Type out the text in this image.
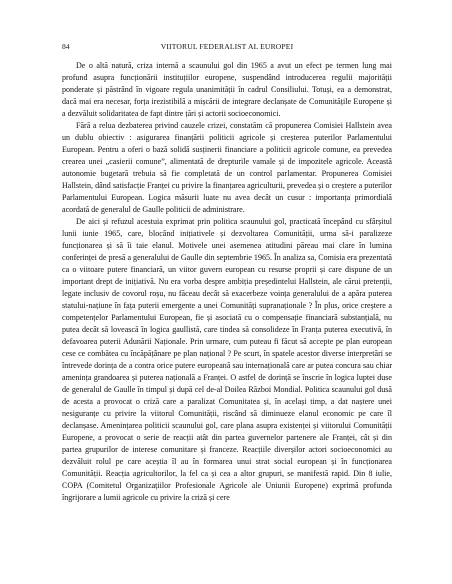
84	VIITORUL FEDERALIST AL EUROPEI

De o altă natură, criza internă a scaunului gol din 1965 a avut un efect pe termen lung mai profund asupra funcționării instituțiilor europene, suspendând introducerea regulii majorității ponderate și păstrând în vigoare regula unanimității în cadrul Consiliului. Totuși, ea a demonstrat, dacă mai era necesar, forța irezistibilă a mișcării de integrare declanșate de Comunitățile Europene și a dezvăluit solidaritatea de fapt dintre țări și actorii socioeconomici.

Fără a relua dezbaterea privind cauzele crizei, constatăm că propunerea Comisiei Hallstein avea un dublu obiectiv : asigurarea finanțării politicii agricole și creșterea puterilor Parlamentului European. Pentru a oferi o bază solidă susținerii financiare a politicii agricole comune, ea prevedea crearea unei „casierii comune”, alimentată de drepturile vamale și de impozitele agricole. Această autonomie bugetară trebuia să fie completată de un control parlamentar. Propunerea Comisiei Hallstein, dând satisfacție Franței cu privire la finanțarea agriculturii, prevedea și o creștere a puterilor Parlamentului European. Logica măsurii luate nu avea decât un cusur : importanța primordială acordată de generalul de Gaulle politicii de administrare.

De aici și refuzul acestuia exprimat prin politica scaunului gol, practicată începând cu sfârșitul lunii iunie 1965, care, blocând inițiativele și dezvoltarea Comunității, urma să-i paralizeze funcționarea și să îi taie elanul. Motivele unei asemenea atitudini păreau mai clare în lumina conferinței de presă a generalului de Gaulle din septembrie 1965. În analiza sa, Comisia era prezentată ca o viitoare putere financiară, un viitor guvern european cu resurse proprii și care dispune de un important drept de inițiativă. Nu era vorba despre ambiția președintelui Hallstein, ale cărui pretenții, legate inclusiv de covorul roșu, nu făceau decât să exacerbeze voința generalului de a apăra puterea statului-națiune în fața puterii emergente a unei Comunități supranaționale ? În plus, orice creștere a competențelor Parlamentului European, fie și asociată cu o compensație financiară substanțială, nu putea decât să lovească în logica gaullistă, care tindea să consolideze în Franța puterea executivă, în defavoarea puterii Adunării Naționale. Prin urmare, cum puteau fi făcut să accepte pe plan european cese ce combătea cu încăpățânare pe plan național ? Pe scurt, în spatele acestor diverse interpretări se întrevede dorința de a contra orice putere europeană sau internațională care ar putea concura sau chiar amenința grandoarea și puterea națională a Franței. O astfel de dorință se înscrie în logica luptei duse de generalul de Gaulle în timpul și după cel de-al Doilea Război Mondial. Politica scaunului gol dusă de acesta a provocat o criză care a paralizat Comunitatea și, în același timp, a dat naștere unei nesiguranțe cu privire la viitorul Comunității, riscând să diminueze elanul economic pe care îl declanșase. Amenințarea politicii scaunului gol, care plana asupra existenței și viitorului Comunității Europene, a provocat o serie de reacții atât din partea guvernelor partenere ale Franței, cât și din partea grupurilor de interese comunitare și franceze. Reacțiile diverșilor actori socioeconomici au dezvăluit rolul pe care aceștia îl au în formarea unui strat social european și în funcționarea Comunității. Reacția agricultorilor, la fel ca și cea a altor grupuri, se manifestă rapid. Din 8 iulie, COPA (Comitetul Organizațiilor Profesionale Agricole ale Uniunii Europene) exprimă profunda îngrijorare a lumii agricole cu privire la criză și cere
